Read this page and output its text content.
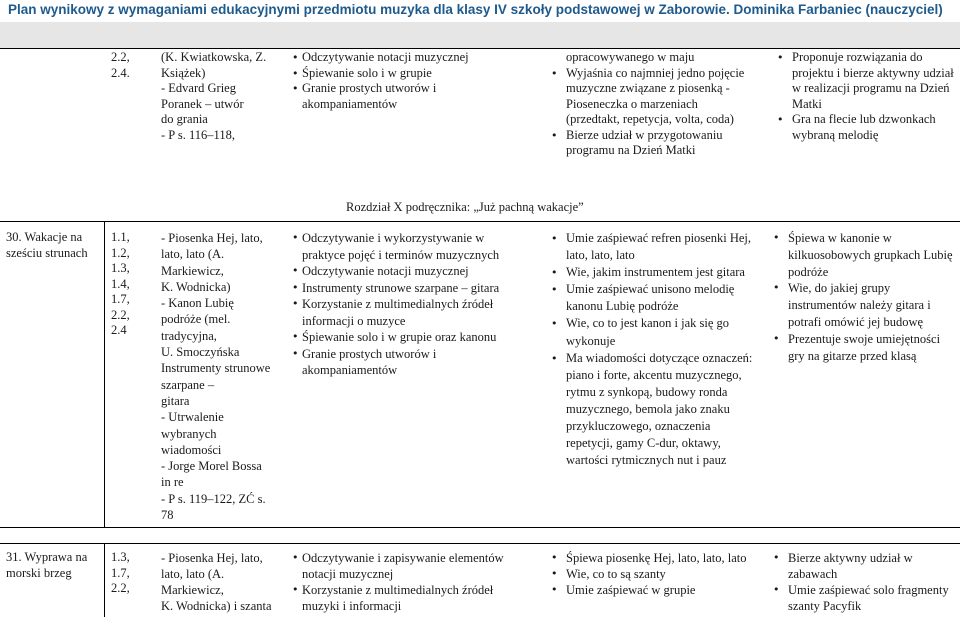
Plan wynikowy z wymaganiami edukacyjnymi przedmiotu muzyka dla klasy IV szkoły podstawowej w Zaborowie. Dominika Farbaniec (nauczyciel)

2.2,

2.4.

(K. Kwiatkowska, Z.

Książek)

- Edvard Grieg

Poranek – utwór

do grania

- P s. 116–118,

• Odczytywanie notacji muzycznej
• Śpiewanie solo i w grupie
• Granie prostych utworów i akompaniamentów

opracowywanego w maju

• Wyjaśnia co najmniej jedno pojęcie muzyczne związane z piosenką - Pioseneczka o marzeniach (przedtakt, repetycja, volta, coda)
• Bierze udział w przygotowaniu programu na Dzień Matki
• Proponuje rozwiązania do projektu i bierze aktywny udział w realizacji programu na Dzień Matki
• Gra na flecie lub dzwonkach wybraną melodię
Rozdział X podręcznika: „Już pachną wakacje”
30. Wakacje na sześciu strunach

1.1,

1.2,

1.3,

1.4,

1.7,

2.2,

2.4

- Piosenka Hej, lato,

lato, lato (A.

Markiewicz,

K. Wodnicka)

- Kanon Lubię

podróże (mel.

tradycyjna,

U. Smoczyńska

Instrumenty strunowe

szarpane –

gitara

- Utrwalenie

wybranych

wiadomości

- Jorge Morel Bossa

in re

- P s. 119–122, ZĆ s.

78

• Odczytywanie i wykorzystywanie w praktyce pojęć i terminów muzycznych
• Odczytywanie notacji muzycznej
• Instrumenty strunowe szarpane – gitara
• Korzystanie z multimedialnych źródeł informacji o muzyce
• Śpiewanie solo i w grupie oraz kanonu
• Granie prostych utworów i akompaniamentów
• Umie zaśpiewać refren piosenki Hej, lato, lato, lato
• Wie, jakim instrumentem jest gitara
• Umie zaśpiewać unisono melodię kanonu Lubię podróże
• Wie, co to jest kanon i jak się go wykonuje
• Ma wiadomości dotyczące oznaczeń: piano i forte, akcentu muzycznego, rytmu z synkopą, budowy ronda muzycznego, bemola jako znaku przykluczowego, oznaczenia repetycji, gamy C-dur, oktawy, wartości rytmicznych nut i pauz
• Śpiewa w kanonie w kilkuosobowych grupkach Lubię podróże
• Wie, do jakiej grupy instrumentów należy gitara i potrafi omówić jej budowę
• Prezentuje swoje umiejętności gry na gitarze przed klasą
31. Wyprawa na morski brzeg

1.3,

1.7,

2.2,

- Piosenka Hej, lato,

lato, lato (A.

Markiewicz,

K. Wodnicka) i szanta

• Odczytywanie i zapisywanie elementów notacji muzycznej
• Korzystanie z multimedialnych źródeł muzyki i informacji
• Śpiewa piosenkę Hej, lato, lato, lato
• Wie, co to są szanty
• Umie zaśpiewać w grupie
• Bierze aktywny udział w zabawach
• Umie zaśpiewać solo fragmenty szanty Pacyfik
